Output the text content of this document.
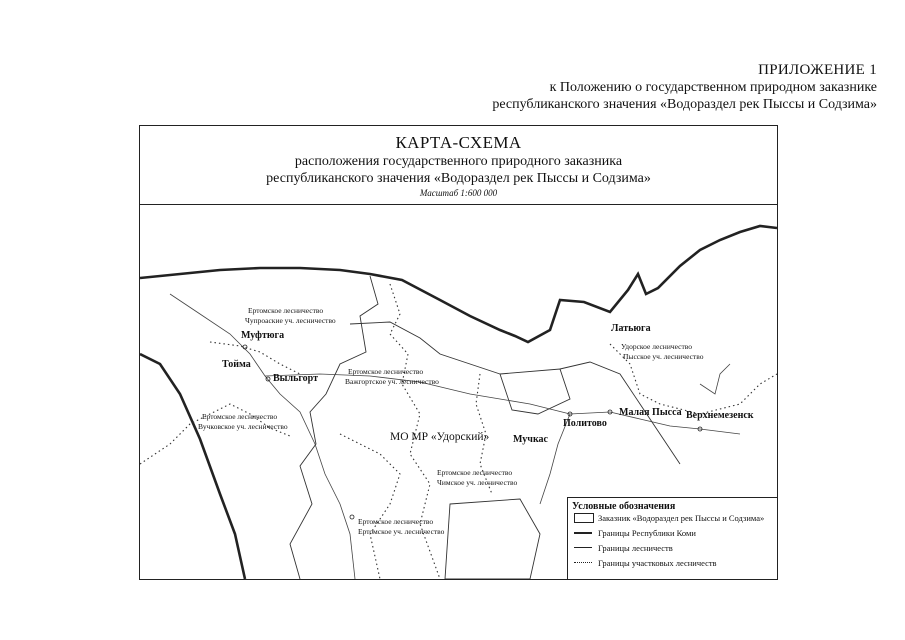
ПРИЛОЖЕНИЕ 1
к Положению о государственном природном заказнике
республиканского значения «Водораздел рек Пыссы и Содзима»
КАРТА-СХЕМА
расположения государственного природного заказника
республиканского значения «Водораздел рек Пыссы и Содзима»
Масштаб 1:600 000
Муфтюга
Тойма
Выльгорт
Латьюга
Малая Пысса
Политово
Мучкас
Верхнемезенск
МО МР «Удорский»
Ертомское лесничество
Чупроаские уч. лесничество
Ертомское лесничество
Важгортское уч. лесничество
Ертомское лесничество
Вучковское уч. лесничество
Удорское лесничество
Пысское уч. лесничество
Ертомское лесничество
Чимское уч. лесничество
Ертомское лесничество
Ертомское уч. лесничество
Условные обозначения
Заказник «Водораздел рек Пыссы и Содзима»
Границы Республики Коми
Границы лесничеств
Границы участковых лесничеств
